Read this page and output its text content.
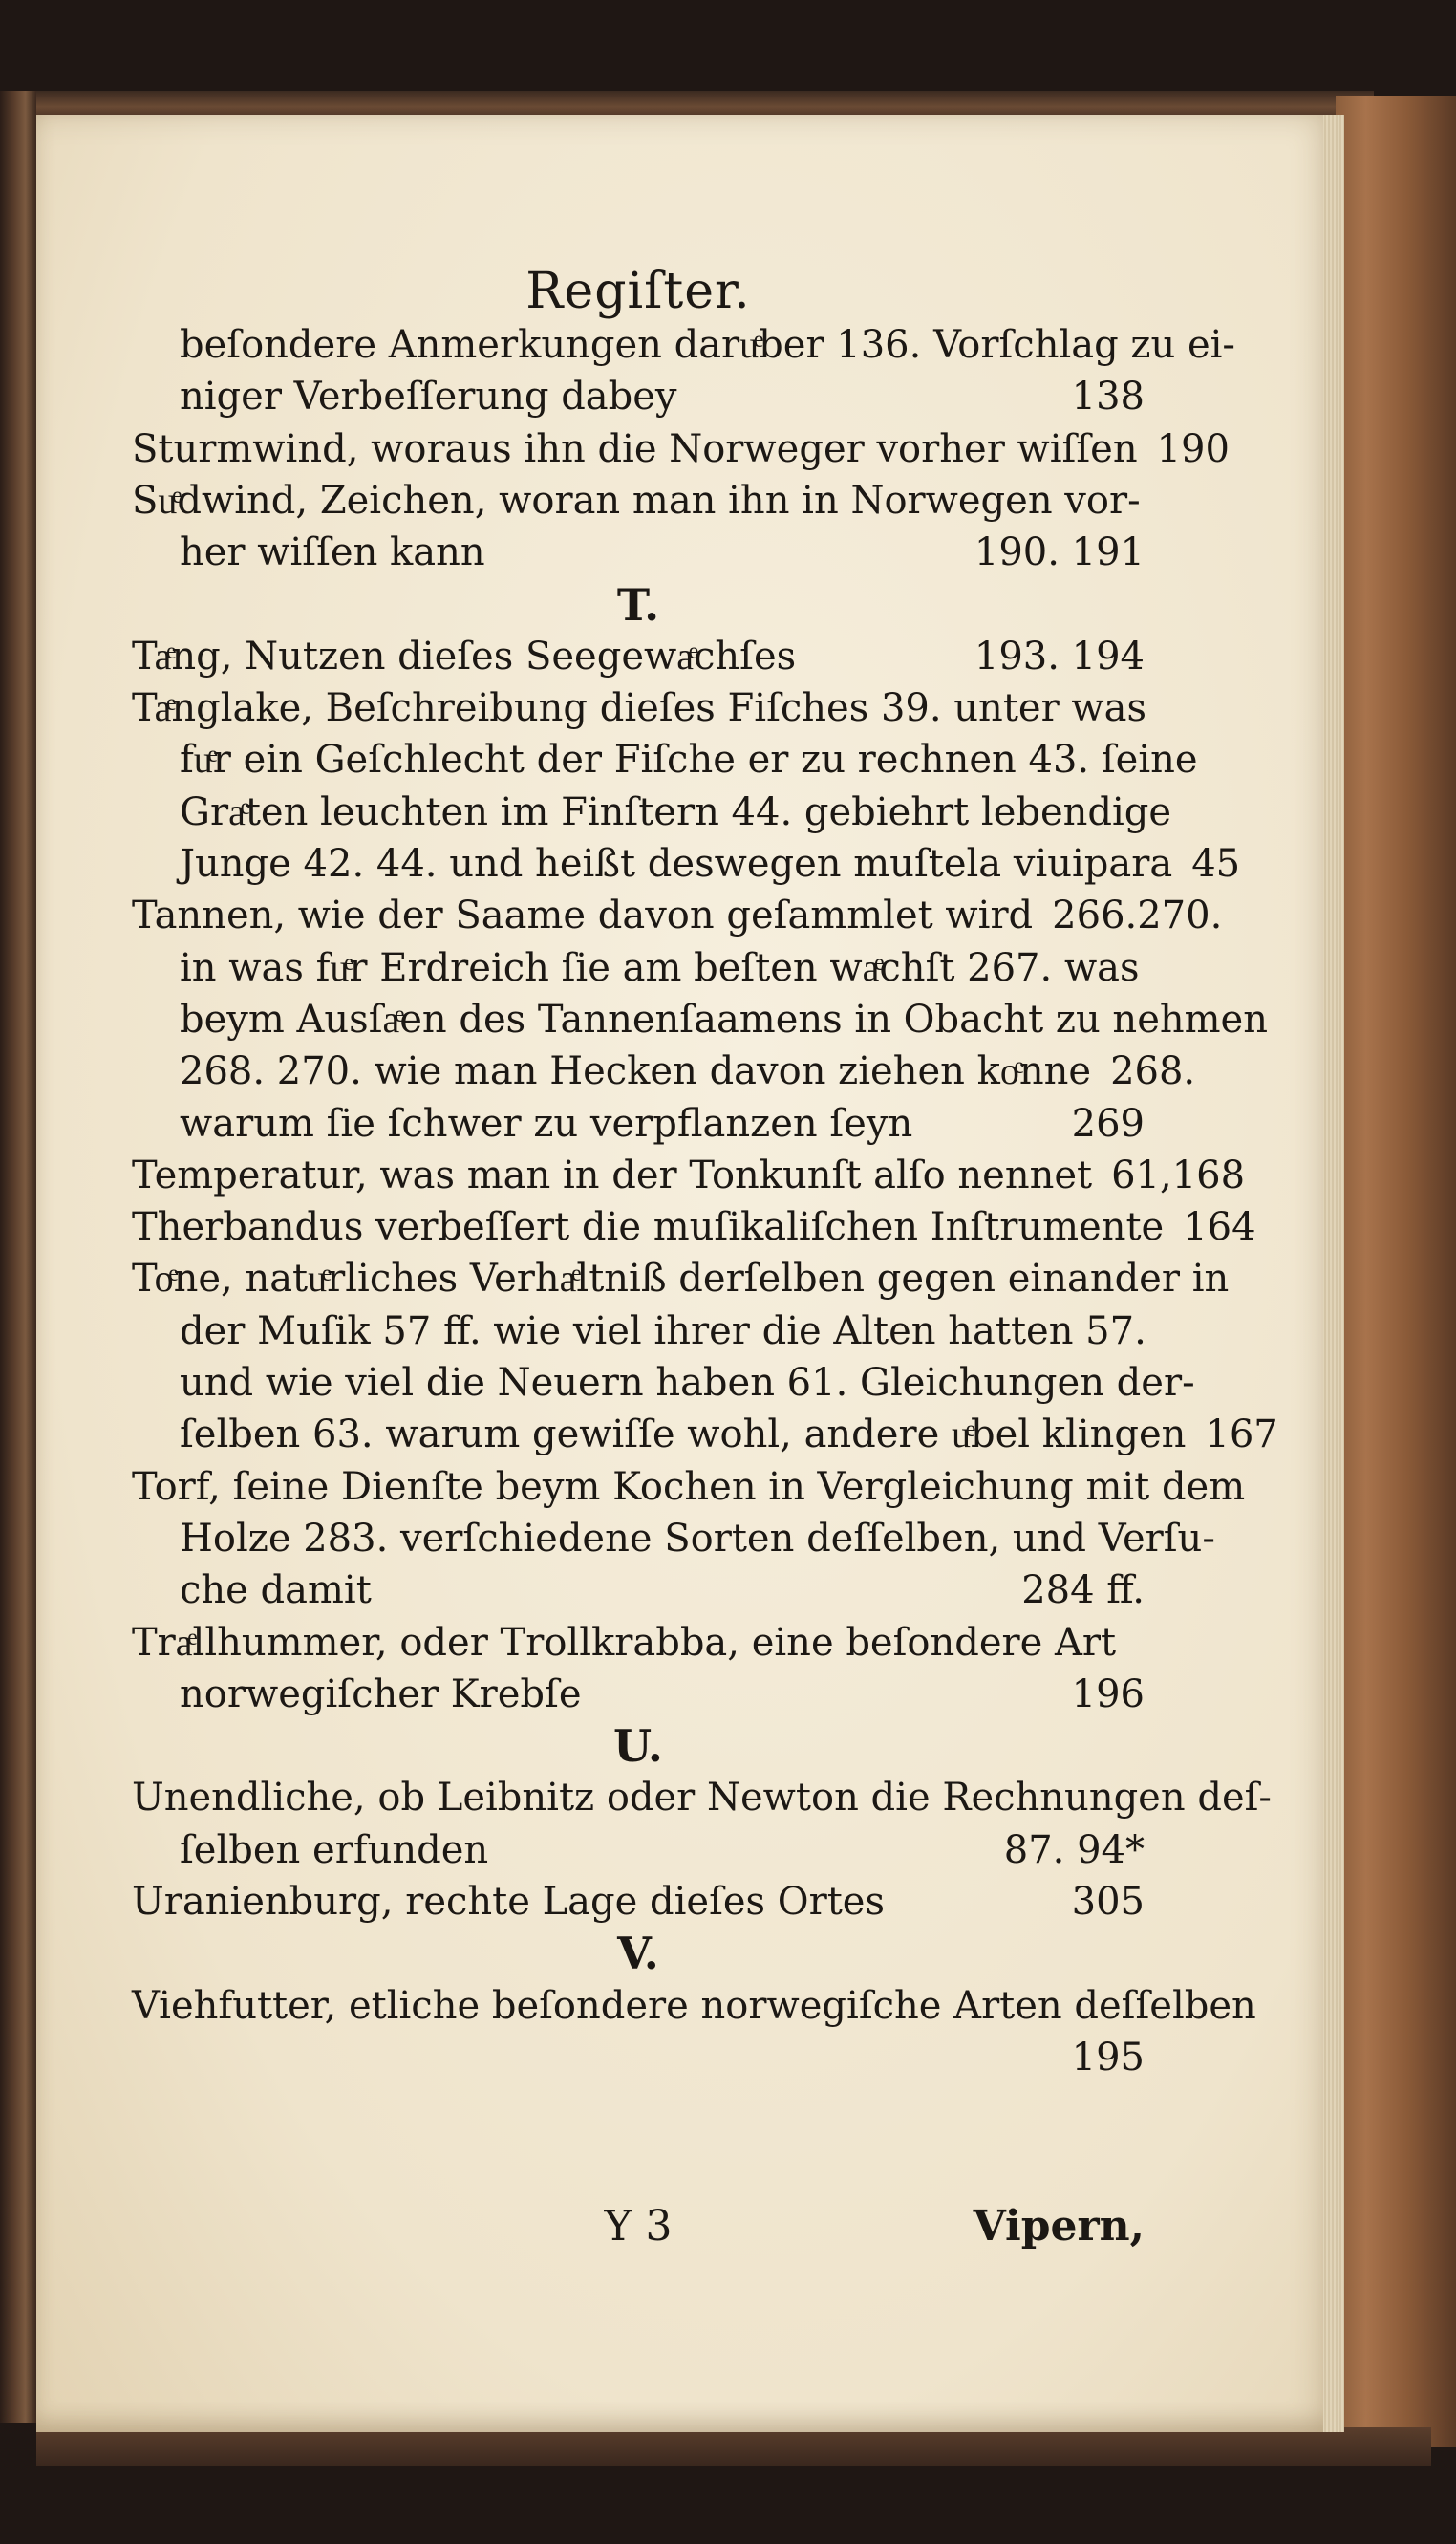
Regiſter.
beſondere Anmerkungen daruͤber 136. Vorſchlag zu ei-
niger Verbeſſerung dabey	138
Sturmwind, woraus ihn die Norweger vorher wiſſen 190
Suͤdwind, Zeichen, woran man ihn in Norwegen vor-
her wiſſen kann	190. 191
T.
Taͤng, Nutzen dieſes Seegewaͤchſes	193. 194
Taͤnglake, Beſchreibung dieſes Fiſches 39. unter was
fuͤr ein Geſchlecht der Fiſche er zu rechnen 43. ſeine
Graͤten leuchten im Finſtern 44. gebiehrt lebendige
Junge 42. 44. und heißt deswegen muſtela viuipara 45
Tannen, wie der Saame davon geſammlet wird 266.270.
in was fuͤr Erdreich ſie am beſten waͤchſt 267. was
beym Ausſaͤen des Tannenſaamens in Obacht zu nehmen
268. 270. wie man Hecken davon ziehen koͤnne 268.
warum ſie ſchwer zu verpflanzen ſeyn	269
Temperatur, was man in der Tonkunſt alſo nennet 61,168
Therbandus verbeſſert die muſikaliſchen Inſtrumente 164
Toͤne, natuͤrliches Verhaͤltniß derſelben gegen einander in
der Muſik 57 ff. wie viel ihrer die Alten hatten 57.
und wie viel die Neuern haben 61. Gleichungen der-
ſelben 63. warum gewiſſe wohl, andere uͤbel klingen 167
Torf, ſeine Dienſte beym Kochen in Vergleichung mit dem
Holze 283. verſchiedene Sorten deſſelben, und Verſu-
che damit	284 ff.
Traͤllhummer, oder Trollkrabba, eine beſondere Art
norwegiſcher Krebſe	196
U.
Unendliche, ob Leibnitz oder Newton die Rechnungen deſ-
ſelben erfunden	87. 94*
Uranienburg, rechte Lage dieſes Ortes	305
V.
Viehfutter, etliche beſondere norwegiſche Arten deſſelben
195
Y 3	Vipern,
